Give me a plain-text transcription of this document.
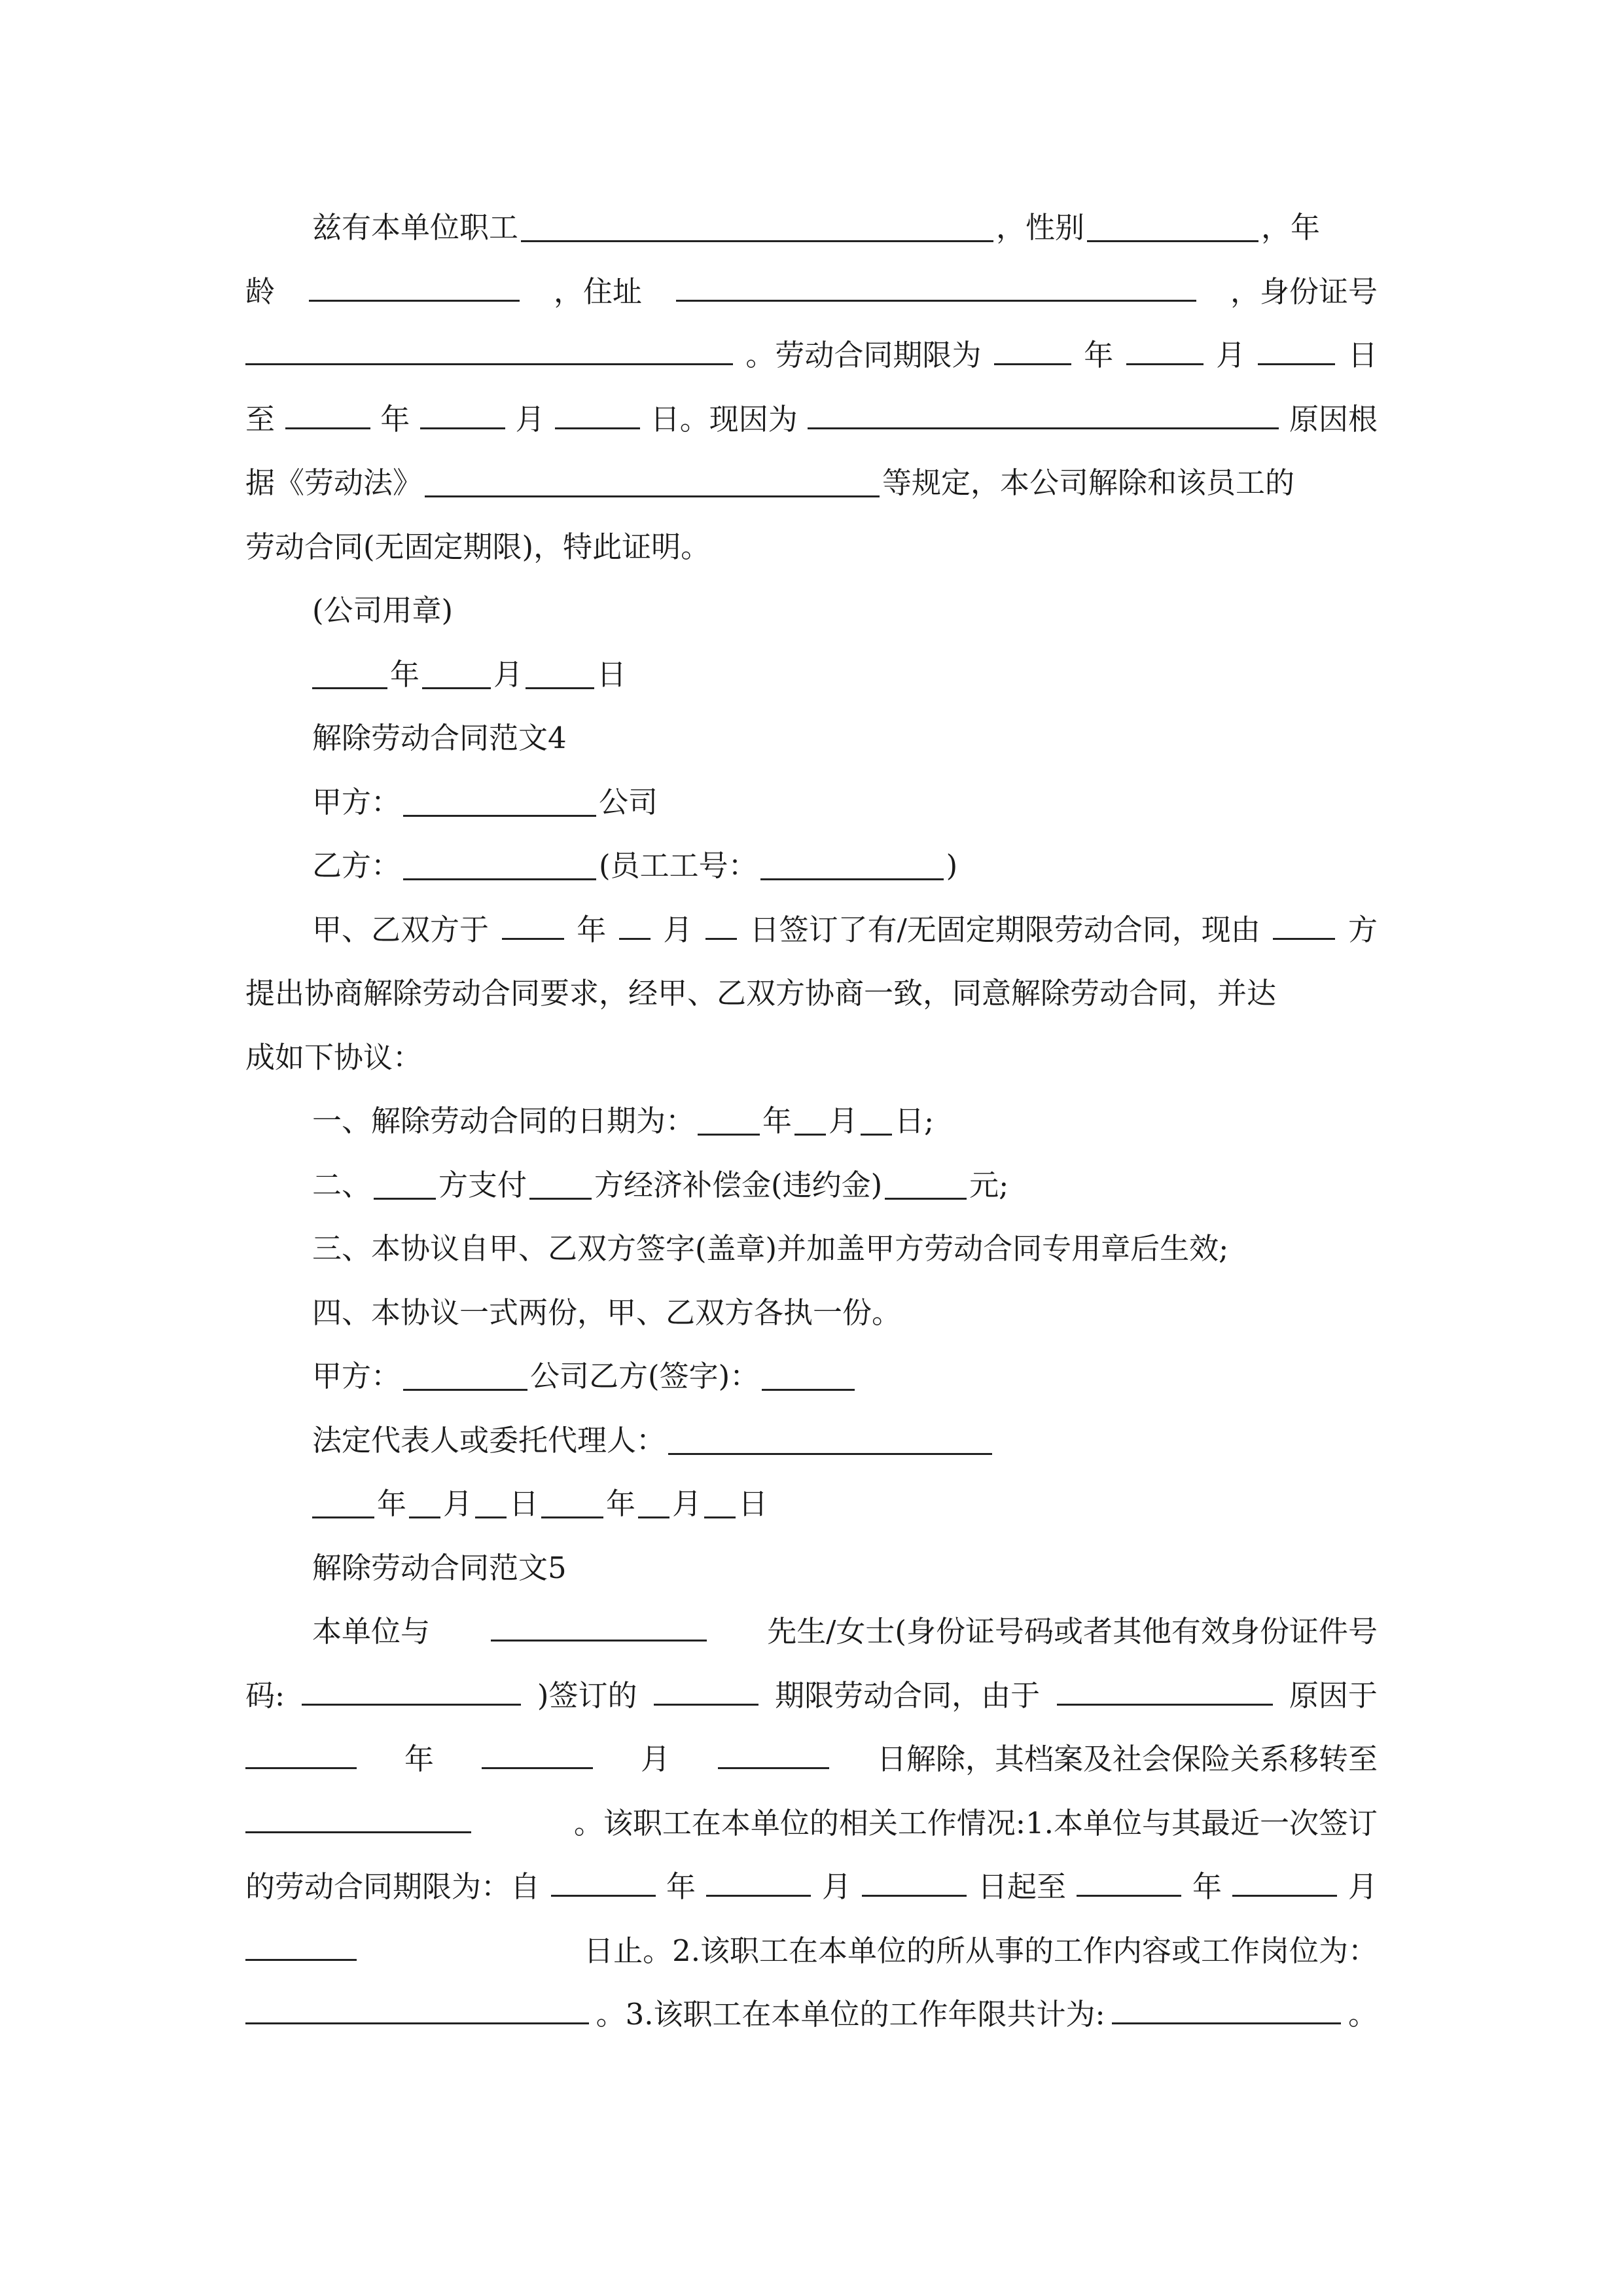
兹有本单位职工	，性别	，年
龄	，住址	，身份证号
。劳动合同期限为	年	月	日
至	年	月	日。现因为	原因根
据《劳动法》	等规定，本公司解除和该员工的
劳动合同(无固定期限)，特此证明。
(公司用章)
年	月	日
解除劳动合同范文4
甲方：	公司
乙方：	(员工工号：	)
甲、乙双方于	年 月 日签订了有/无固定期限劳动合同，现由	方
提出协商解除劳动合同要求，经甲、乙双方协商一致，同意解除劳动合同，并达
成如下协议：
一、解除劳动合同的日期为： 年 月 日;
二、 方支付 方经济补偿金(违约金)	元;
三、本协议自甲、乙双方签字(盖章)并加盖甲方劳动合同专用章后生效;
四、本协议一式两份，甲、乙双方各执一份。
甲方：	公司乙方(签字)：
法定代表人或委托代理人：
年 月 日 年 月 日
解除劳动合同范文5
本单位与	先生/女士(身份证号码或者其他有效身份证件号
码:	)签订的	期限劳动合同，由于	原因于
年	月	日解除，其档案及社会保险关系移转至
。该职工在本单位的相关工作情况:1.本单位与其最近一次签订
的劳动合同期限为：自	年	月	日起至	年	月
日止。2.该职工在本单位的所从事的工作内容或工作岗位为：
。3.该职工在本单位的工作年限共计为:	。
